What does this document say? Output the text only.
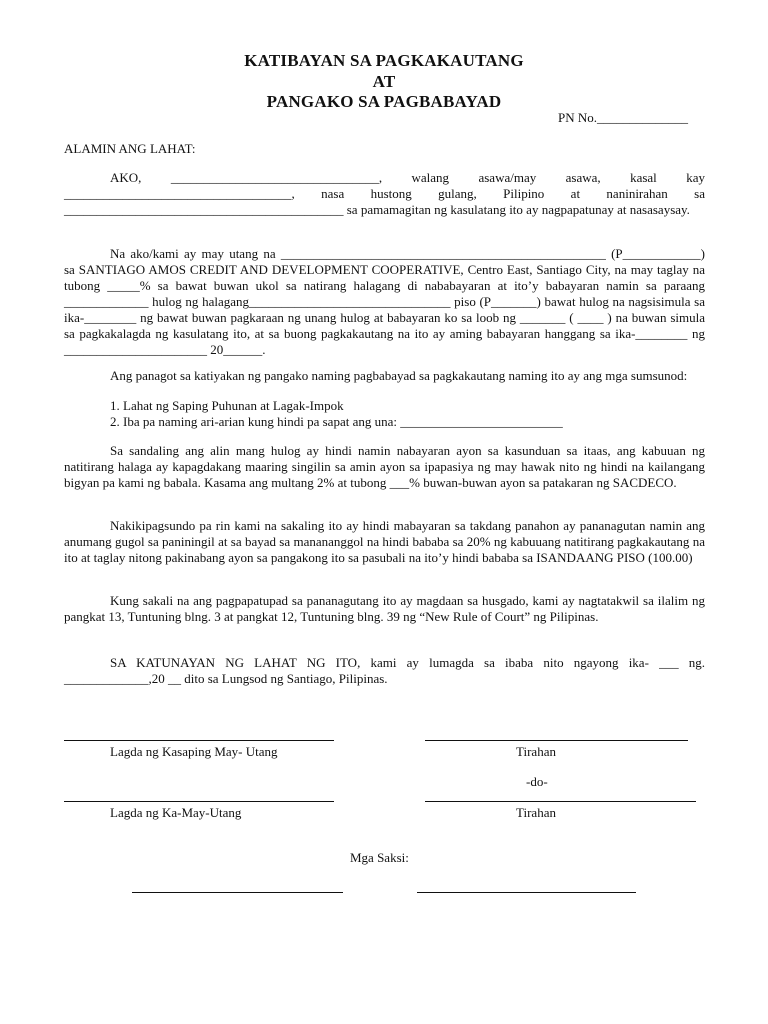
KATIBAYAN SA PAGKAKAUTANG
AT
PANGAKO SA PAGBABAYAD
PN No.______________
ALAMIN ANG LAHAT:

AKO, ________________________________, walang asawa/may asawa, kasal kay ___________________________________, nasa hustong gulang, Pilipino at naninirahan sa ___________________________________________ sa pamamagitan ng kasulatang ito ay nagpapatunay at nasasaysay.

Na ako/kami ay may utang na __________________________________________________ (P____________) sa SANTIAGO AMOS CREDIT AND DEVELOPMENT COOPERATIVE, Centro East, Santiago City, na may taglay na tubong _____% sa bawat buwan ukol sa natirang halagang di nababayaran at ito’y babayaran namin sa paraang _____________ hulog ng halagang_______________________________ piso (P_______) bawat hulog na nagsisimula sa ika-________ ng bawat buwan pagkaraan ng unang hulog at babayaran ko sa loob ng _______ ( ____ ) na buwan simula sa pagkakalagda ng kasulatang ito, at sa buong pagkakautang na ito ay aming babayaran hanggang sa ika-________ ng ______________________ 20______.

Ang panagot sa katiyakan ng pangako naming pagbabayad sa pagkakautang naming ito ay ang mga sumsunod:

1. Lahat ng Saping Puhunan at Lagak-Impok
2. Iba pa naming ari-arian kung hindi pa sapat ang una: _________________________

Sa sandaling ang alin mang hulog ay hindi namin nabayaran ayon sa kasunduan sa itaas, ang kabuuan ng natitirang halaga ay kapagdakang maaring singilin sa amin ayon sa ipapasiya ng may hawak nito ng hindi na kailangang bigyan pa kami ng babala. Kasama ang multang 2% at tubong ___% buwan-buwan ayon sa patakaran ng SACDECO.

Nakikipagsundo pa rin kami na sakaling ito ay hindi mabayaran sa takdang panahon ay pananagutan namin ang anumang gugol sa paniningil at sa bayad sa manananggol na hindi bababa sa 20% ng kabuuang natitirang pagkakautang na ito at taglay nitong pakinabang ayon sa pangakong ito sa pasubali na ito’y hindi bababa sa ISANDAANG PISO (100.00)

Kung sakali na ang pagpapatupad sa pananagutang ito ay magdaan sa husgado, kami ay nagtatakwil sa ilalim ng pangkat 13, Tuntuning blng. 3 at pangkat 12, Tuntuning blng. 39 ng “New Rule of Court” ng Pilipinas.

SA KATUNAYAN NG LAHAT NG ITO, kami ay lumagda sa ibaba nito ngayong ika- ___ ng. _____________,20 __ dito sa Lungsod ng Santiago, Pilipinas.

Lagda ng Kasaping May- Utang	Tirahan
-do-
Lagda ng Ka-May-Utang	Tirahan
Mga Saksi:
